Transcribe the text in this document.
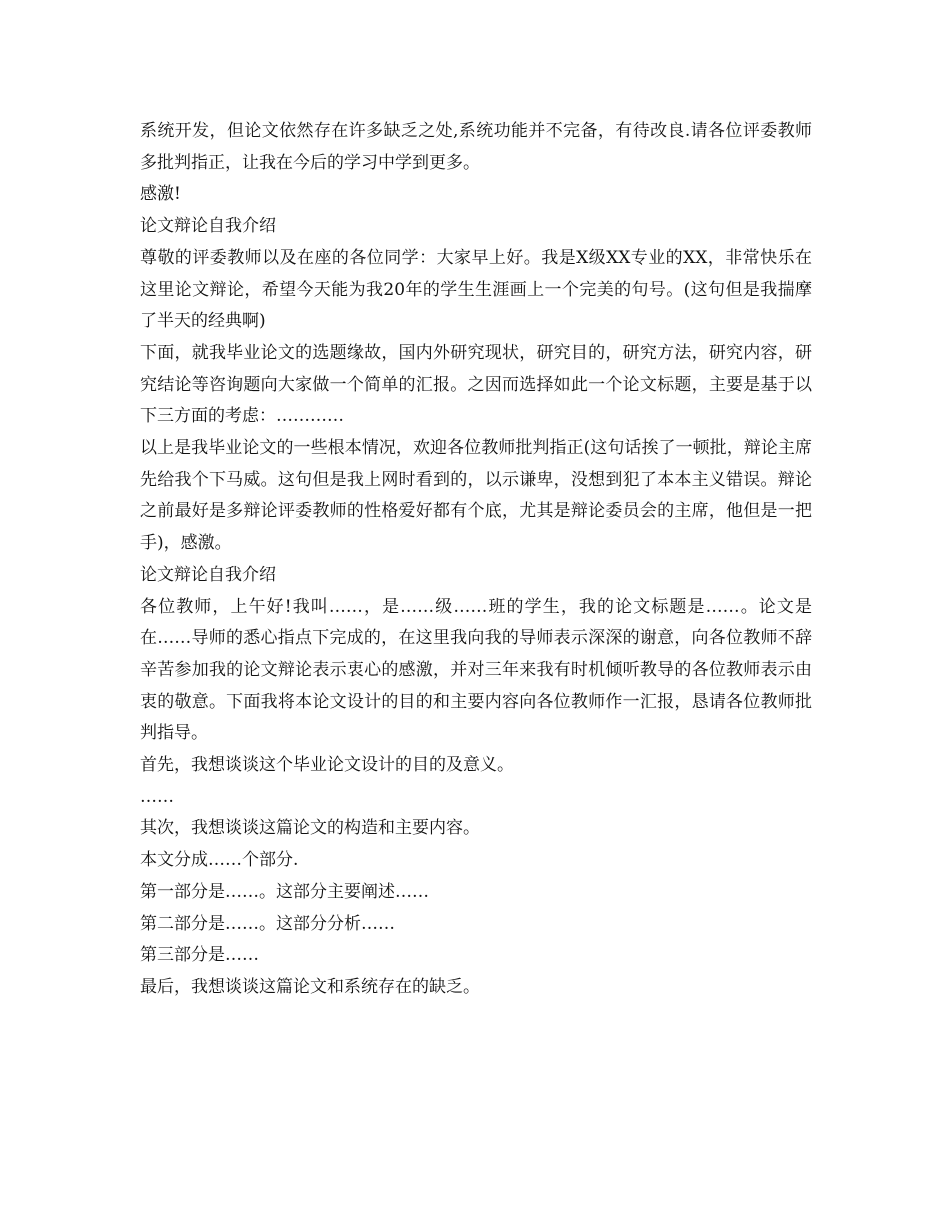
系统开发，但论文依然存在许多缺乏之处,系统功能并不完备，有待改良.请各位评委教师多批判指正，让我在今后的学习中学到更多。

感激!

论文辩论自我介绍

尊敬的评委教师以及在座的各位同学：大家早上好。我是X级XX专业的XX，非常快乐在这里论文辩论，希望今天能为我20年的学生生涯画上一个完美的句号。(这句但是我揣摩了半天的经典啊)

下面，就我毕业论文的选题缘故，国内外研究现状，研究目的，研究方法，研究内容，研究结论等咨询题向大家做一个简单的汇报。之因而选择如此一个论文标题，主要是基于以下三方面的考虑：…………

以上是我毕业论文的一些根本情况，欢迎各位教师批判指正(这句话挨了一顿批，辩论主席先给我个下马威。这句但是我上网时看到的，以示谦卑，没想到犯了本本主义错误。辩论之前最好是多辩论评委教师的性格爱好都有个底，尤其是辩论委员会的主席，他但是一把手)，感激。

论文辩论自我介绍

各位教师，上午好!我叫……，是……级……班的学生，我的论文标题是……。论文是在……导师的悉心指点下完成的，在这里我向我的导师表示深深的谢意，向各位教师不辞辛苦参加我的论文辩论表示衷心的感激，并对三年来我有时机倾听教导的各位教师表示由衷的敬意。下面我将本论文设计的目的和主要内容向各位教师作一汇报，恳请各位教师批判指导。

首先，我想谈谈这个毕业论文设计的目的及意义。

……

其次，我想谈谈这篇论文的构造和主要内容。

本文分成……个部分.

第一部分是……。这部分主要阐述……

第二部分是……。这部分分析……

第三部分是……

最后，我想谈谈这篇论文和系统存在的缺乏。
